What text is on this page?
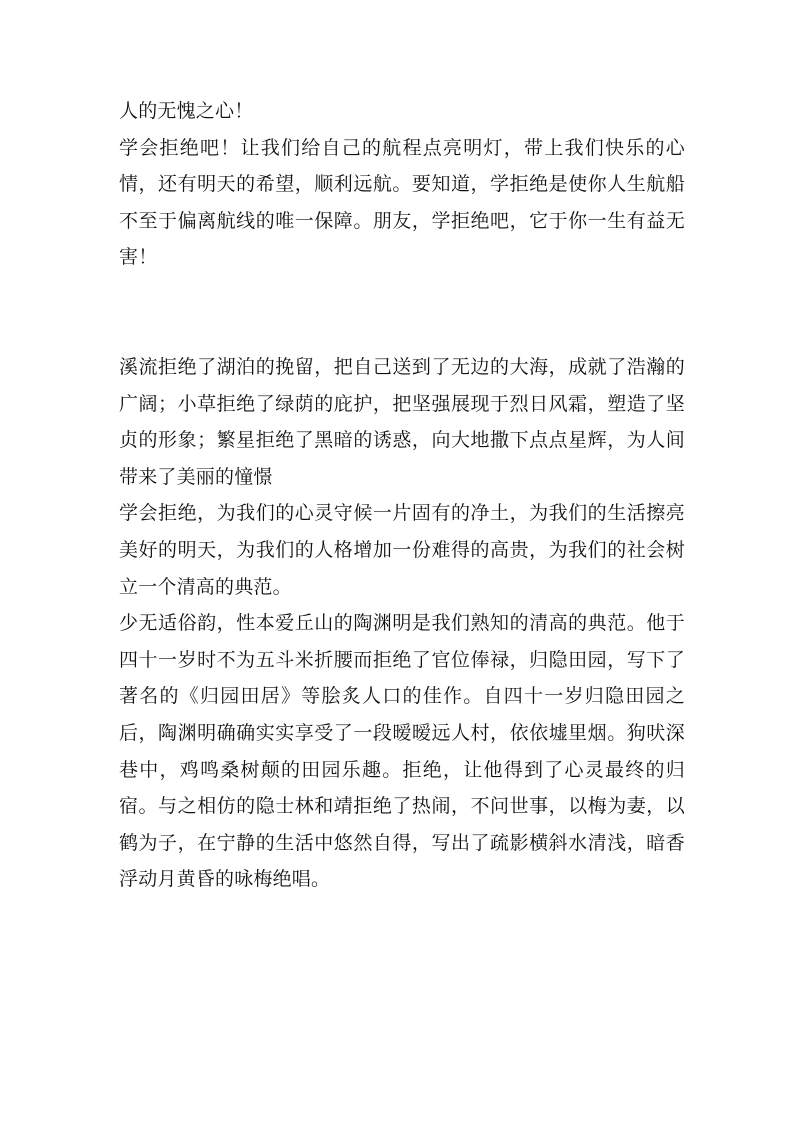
人的无愧之心！

学会拒绝吧！让我们给自己的航程点亮明灯，带上我们快乐的心情，还有明天的希望，顺利远航。要知道，学拒绝是使你人生航船不至于偏离航线的唯一保障。朋友，学拒绝吧，它于你一生有益无害！

溪流拒绝了湖泊的挽留，把自己送到了无边的大海，成就了浩瀚的广阔；小草拒绝了绿荫的庇护，把坚强展现于烈日风霜，塑造了坚贞的形象；繁星拒绝了黑暗的诱惑，向大地撒下点点星辉，为人间带来了美丽的憧憬

学会拒绝，为我们的心灵守候一片固有的净土，为我们的生活擦亮美好的明天，为我们的人格增加一份难得的高贵，为我们的社会树立一个清高的典范。

少无适俗韵，性本爱丘山的陶渊明是我们熟知的清高的典范。他于四十一岁时不为五斗米折腰而拒绝了官位俸禄，归隐田园，写下了著名的《归园田居》等脍炙人口的佳作。自四十一岁归隐田园之后，陶渊明确确实实享受了一段暧暧远人村，依依墟里烟。狗吠深巷中，鸡鸣桑树颠的田园乐趣。拒绝，让他得到了心灵最终的归宿。与之相仿的隐士林和靖拒绝了热闹，不问世事，以梅为妻，以鹤为子，在宁静的生活中悠然自得，写出了疏影横斜水清浅，暗香浮动月黄昏的咏梅绝唱。
